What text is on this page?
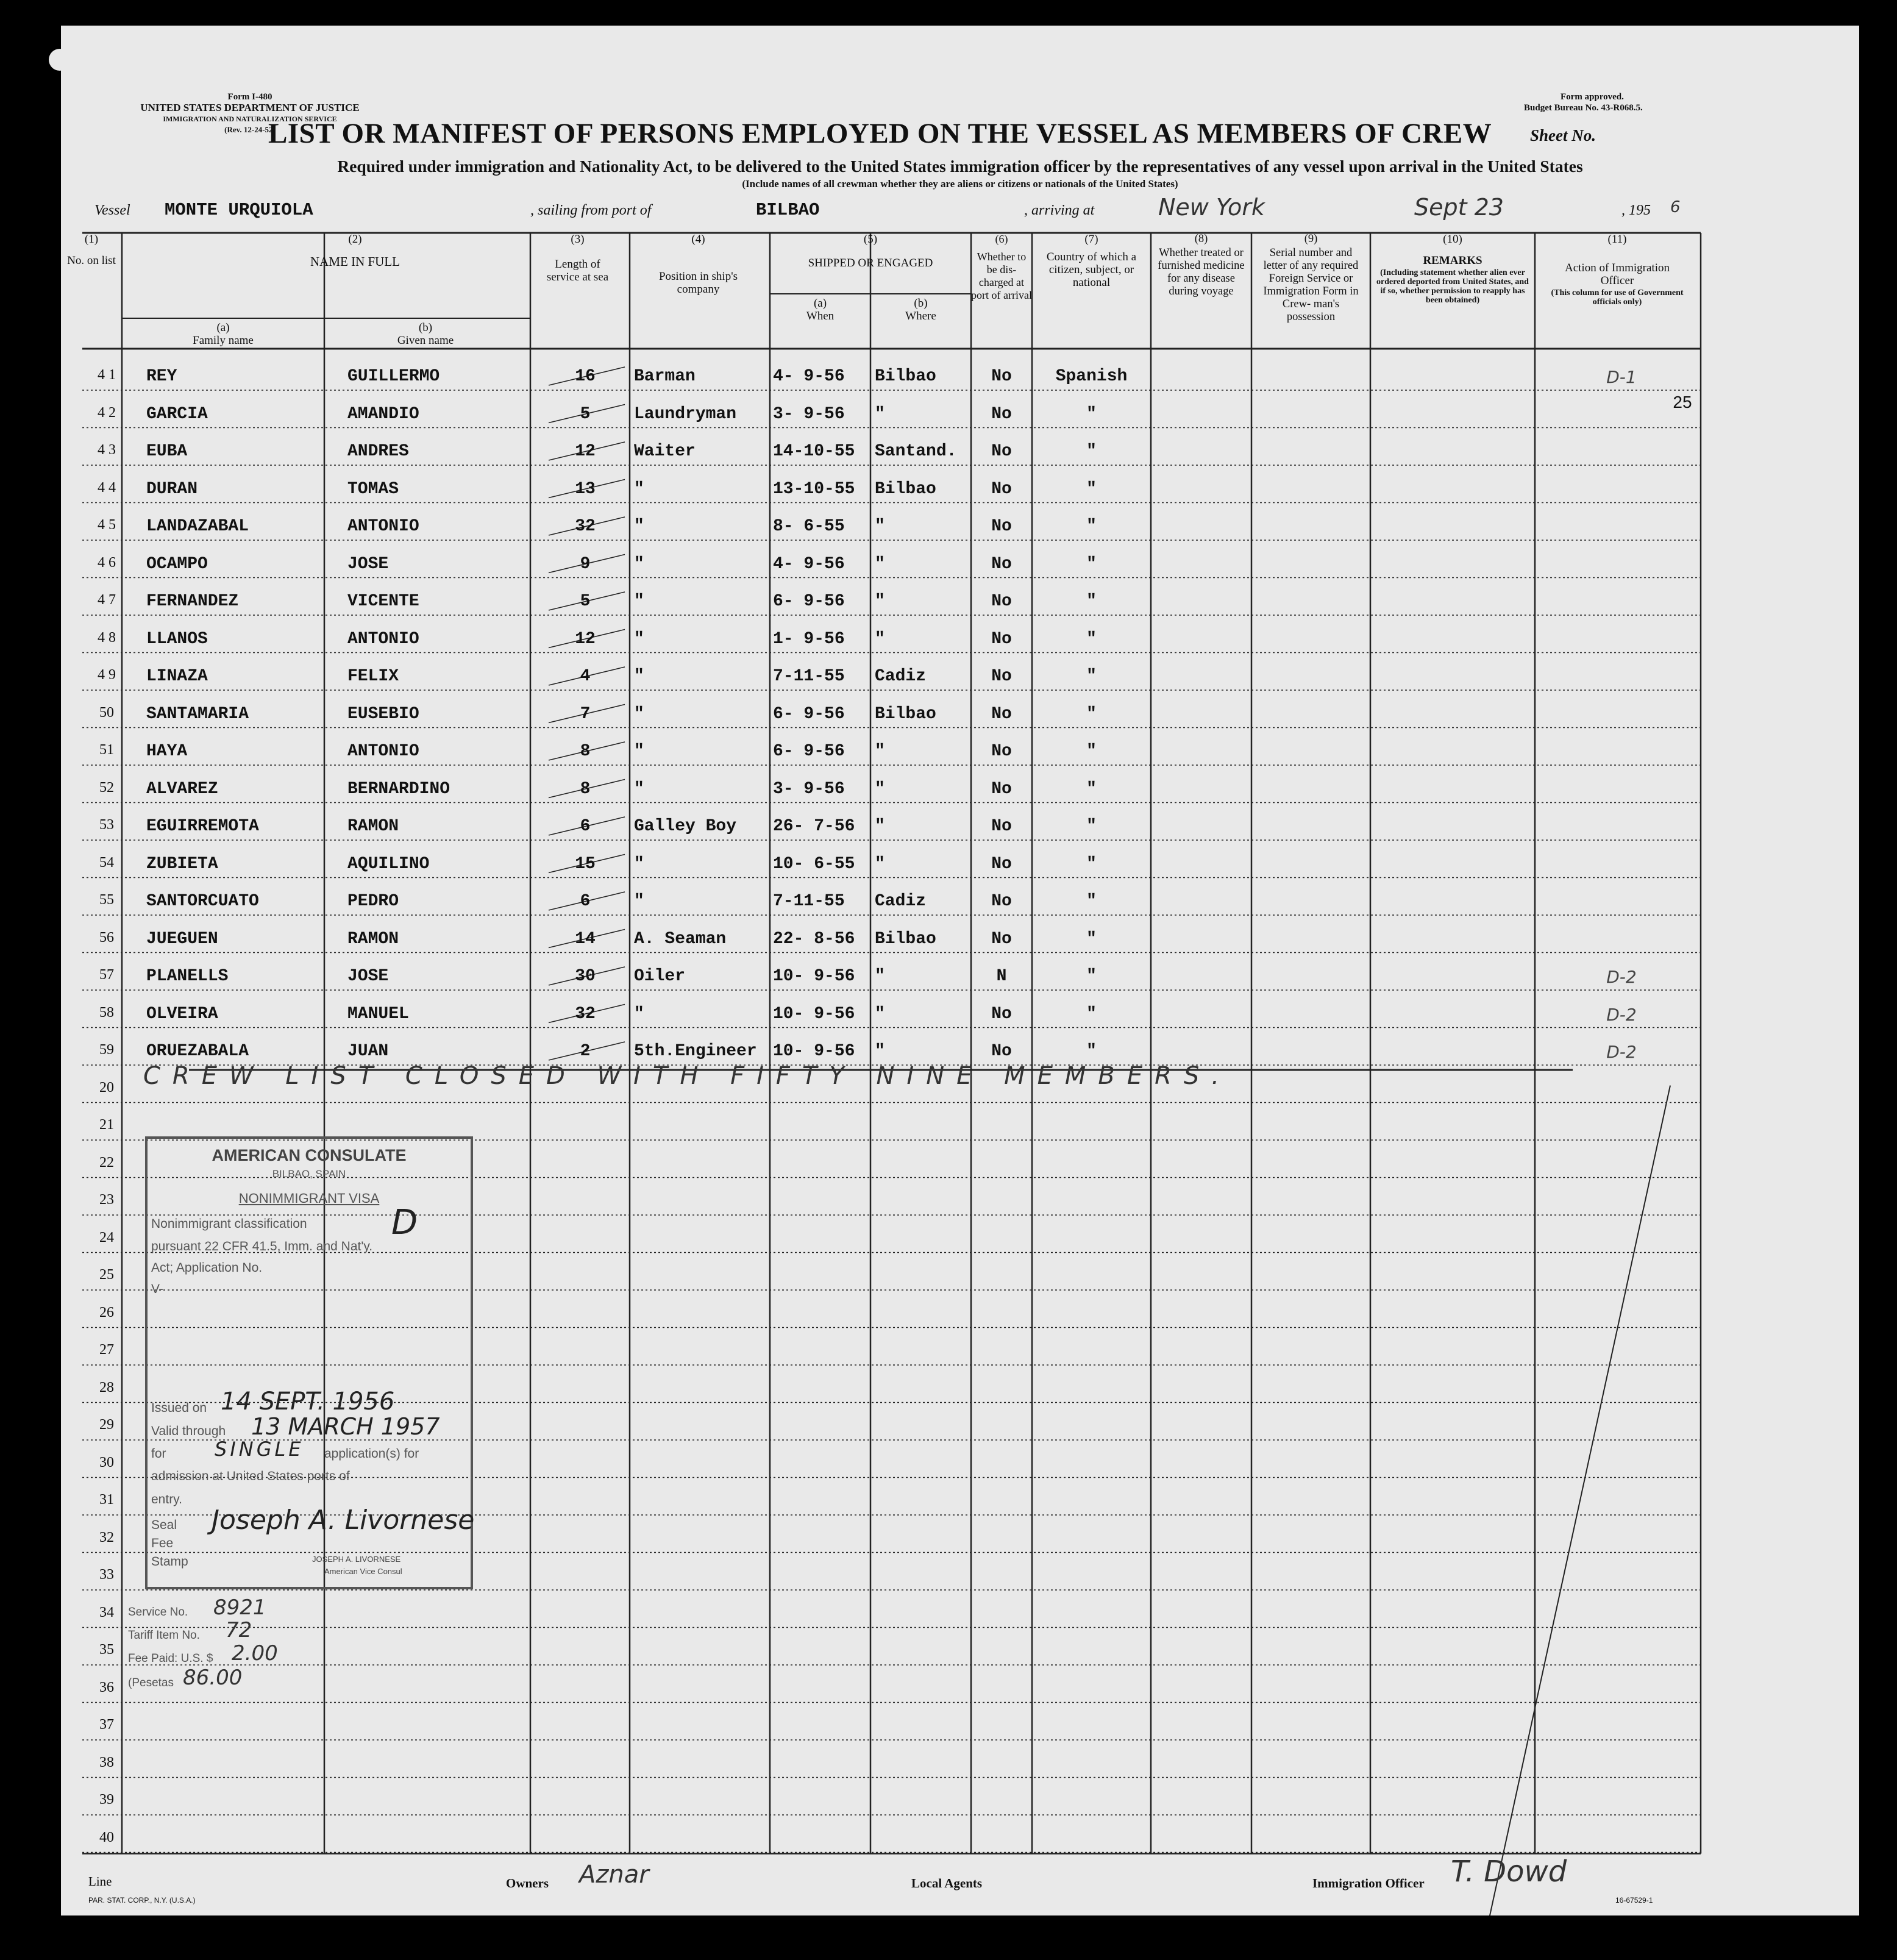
Form I-480
UNITED STATES DEPARTMENT OF JUSTICE
IMMIGRATION AND NATURALIZATION SERVICE
(Rev. 12-24-52)
Form approved.
Budget Bureau No. 43-R068.5.
LIST OR MANIFEST OF PERSONS EMPLOYED ON THE VESSEL AS MEMBERS OF CREW Sheet No.
Required under immigration and Nationality Act, to be delivered to the United States immigration officer by the representatives of any vessel upon arrival in the United States
(Include names of all crewman whether they are aliens or citizens or nationals of the United States)
Vessel MONTE URQUIOLA	, sailing from port of	BILBAO	, arriving at	New York	Sept 23	, 195 6
(1)
No. on list
(2)
NAME IN FULL
(a)
Family name
(b)
Given name
(3)
Length of service at sea
(4)
Position in ship's company
(5)
SHIPPED OR ENGAGED
(a)
When
(b)
Where
(6)
Whether to be dis- charged at port of arrival
(7)
Country of which a citizen, subject, or national
(8)
Whether treated or furnished medicine for any disease during voyage
(9)
Serial number and letter of any required Foreign Service or Immigration Form in Crew- man's possession
(10)
REMARKS
(Including statement whether alien ever ordered deported from United States, and if so, whether permission to reapply has been obtained)
(11)
Action of Immigration Officer
(This column for use of Government officials only)
4 1	REY	GUILLERMO	16	Barman	4- 9-56	Bilbao	No	Spanish	D-1
4 2	GARCIA	AMANDIO	5	Laundryman	3- 9-56	"	No	"
25
4 3	EUBA	ANDRES	12	Waiter	14-10-55	Santand.	No	"
4 4	DURAN	TOMAS	13	"	13-10-55	Bilbao	No	"
4 5	LANDAZABAL	ANTONIO	32	"	8- 6-55	"	No	"
4 6	OCAMPO	JOSE	9	"	4- 9-56	"	No	"
4 7	FERNANDEZ	VICENTE	5	"	6- 9-56	"	No	"
4 8	LLANOS	ANTONIO	12	"	1- 9-56	"	No	"
4 9	LINAZA	FELIX	4	"	7-11-55	Cadiz	No	"
50	SANTAMARIA	EUSEBIO	7	"	6- 9-56	Bilbao	No	"
51	HAYA	ANTONIO	8	"	6- 9-56	"	No	"
52	ALVAREZ	BERNARDINO	8	"	3- 9-56	"	No	"
53	EGUIRREMOTA	RAMON	6	Galley Boy	26- 7-56	"	No	"
54	ZUBIETA	AQUILINO	15	"	10- 6-55	"	No	"
55	SANTORCUATO	PEDRO	6	"	7-11-55	Cadiz	No	"
56	JUEGUEN	RAMON	14	A. Seaman	22- 8-56	Bilbao	No	"
57	PLANELLS	JOSE	30	Oiler	10- 9-56	"	N	"	D-2
58	OLVEIRA	MANUEL	32	"	10- 9-56	"	No	"	D-2
59	ORUEZABALA	JUAN	2	5th.Engineer 10- 9-56	"	No	"	D-2
20
21
22
23
24
25
26
27
28
29
30
31
32
33
34
35
36
37
38
39
40
CREW LIST CLOSED WITH FIFTY NINE MEMBERS.
AMERICAN CONSULATE
BILBAO, SPAIN
NONIMMIGRANT VISA
Nonimmigrant classification D
pursuant 22 CFR 41.5, Imm. and Nat'y.
Act; Application No.
V-
Issued on 14 SEPT. 1956
Valid through 13 MARCH 1957
for SINGLE application(s) for
admission at United States ports of
entry.
Seal
Fee
Stamp
Joseph A. Livornese
JOSEPH A. LIVORNESE
American Vice Consul
Service No. 8921
Tariff Item No. 72
Fee Paid: U.S. $ 2.00
(Pesetas 86.00
Line	Owners Aznar	Local Agents	Immigration Officer T. Dowd
PAR. STAT. CORP., N.Y. (U.S.A.)	16-67529-1
